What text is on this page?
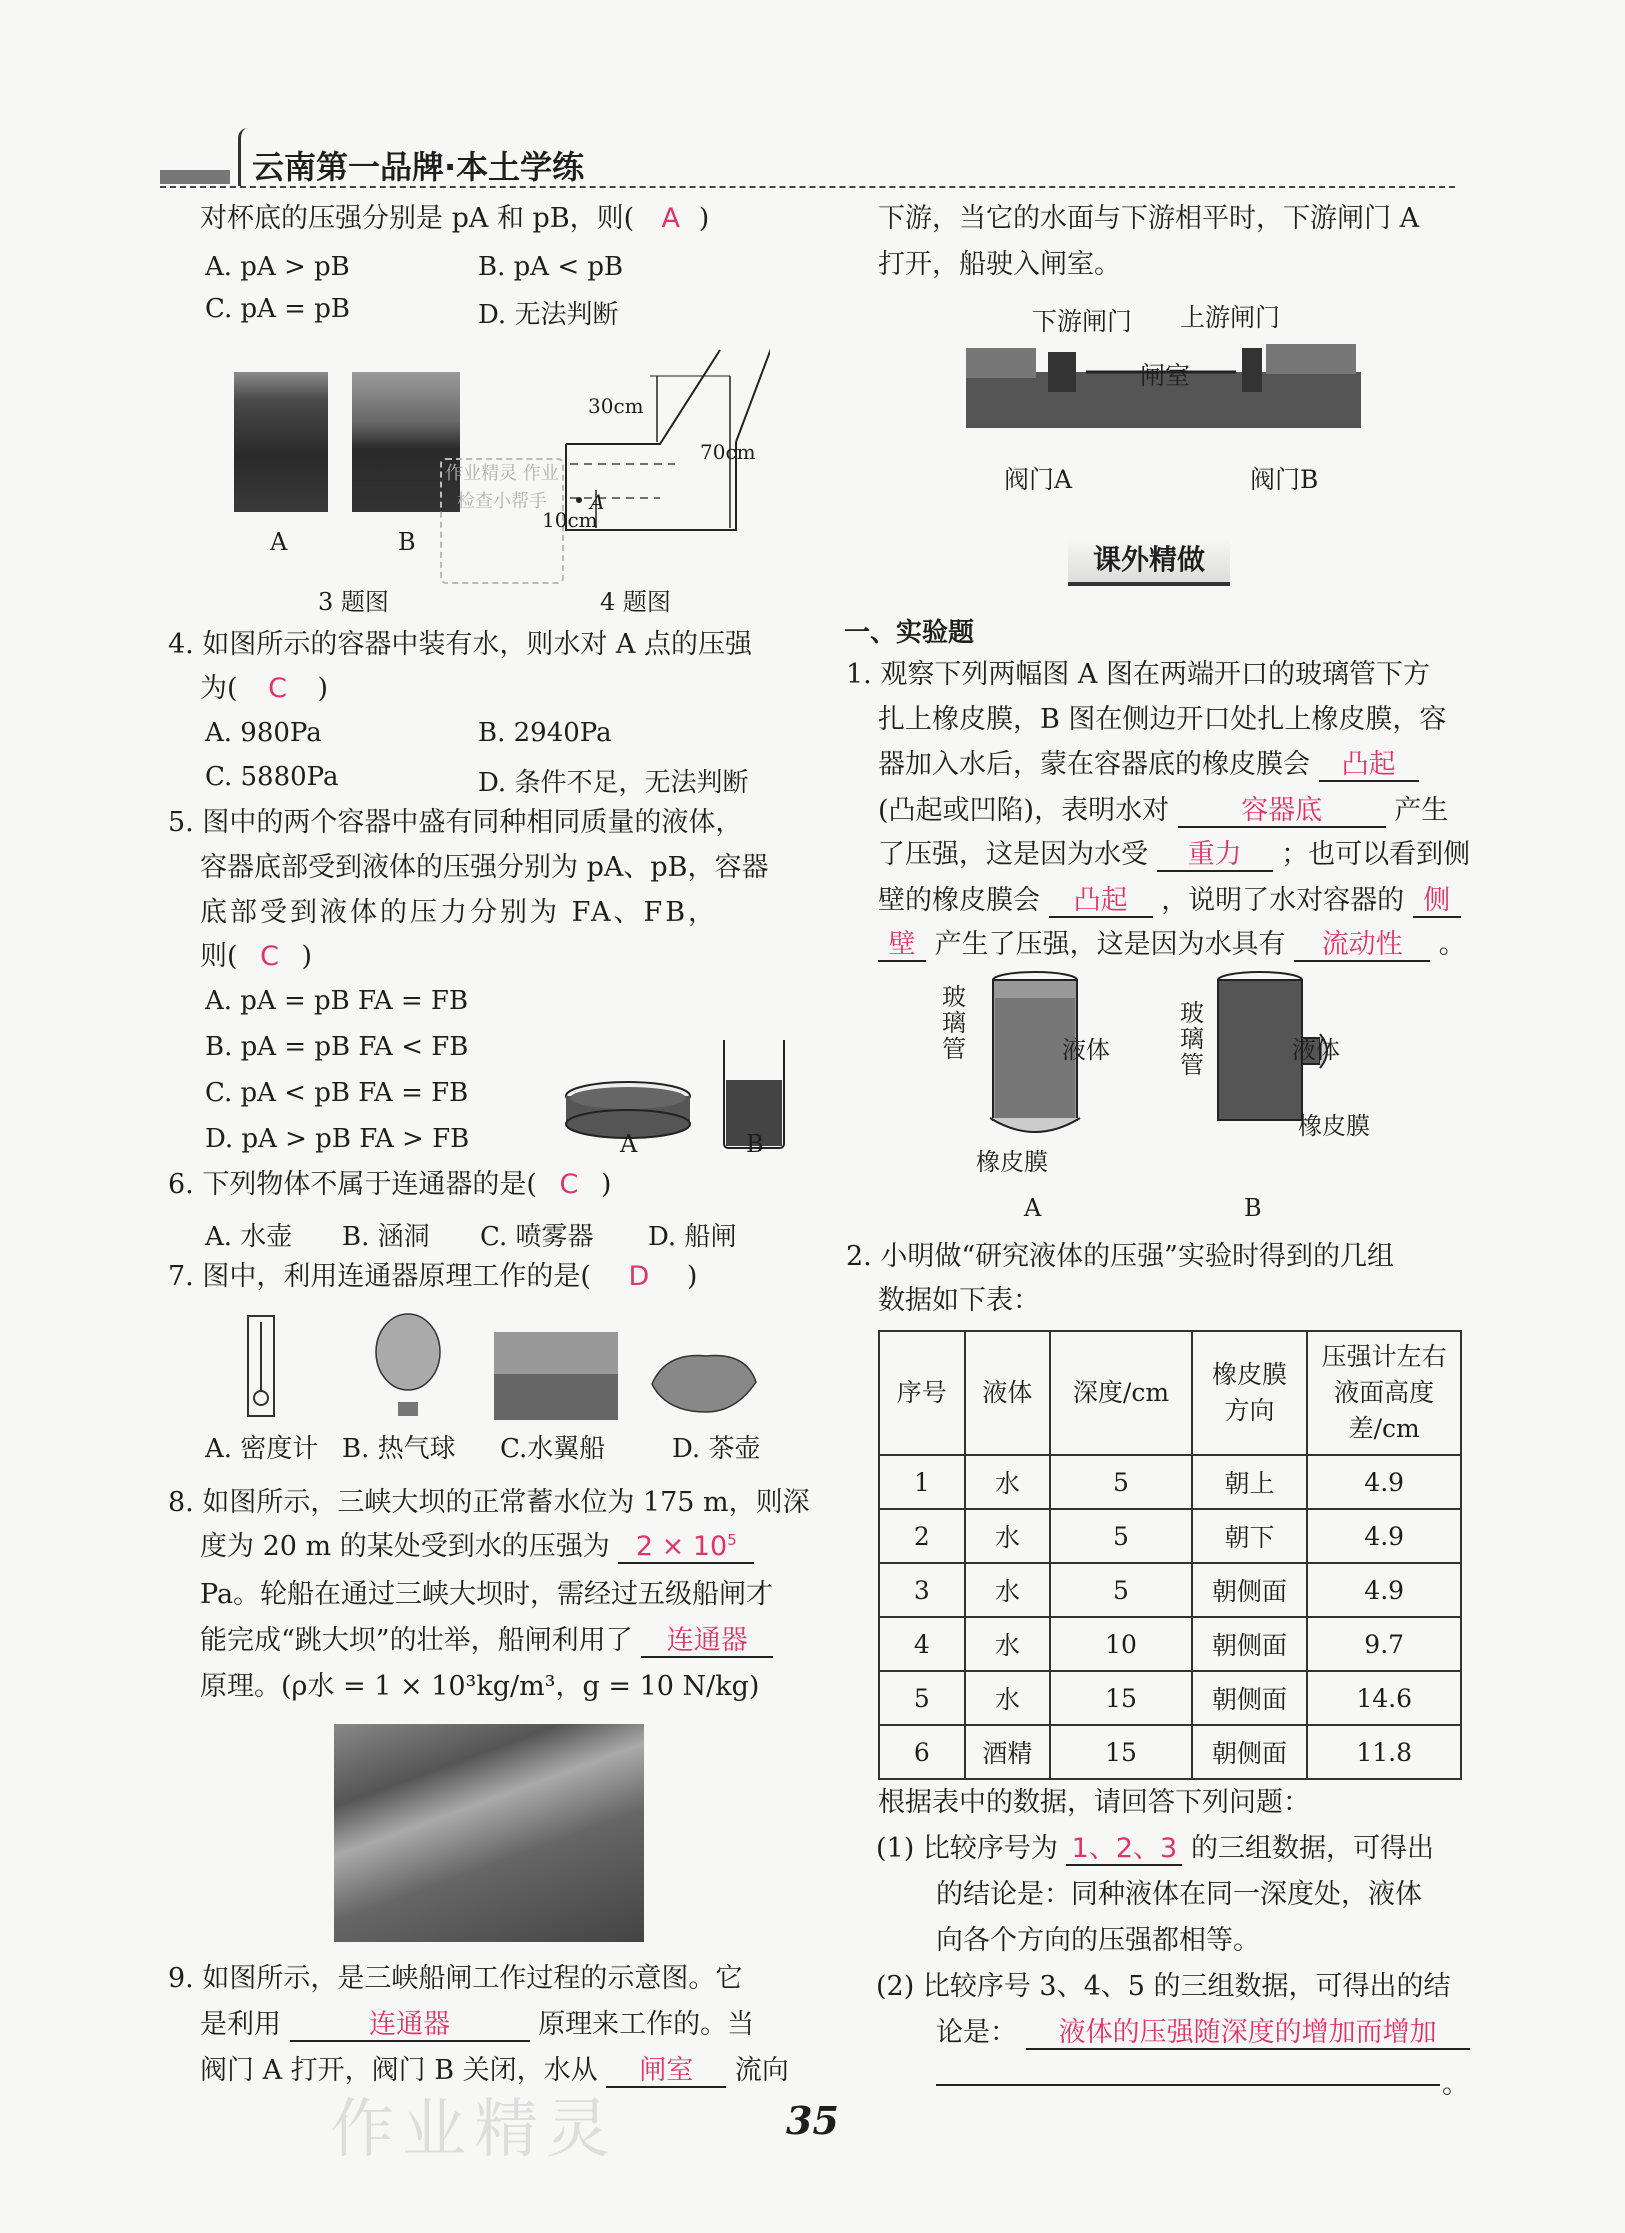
云南第一品牌·本土学练
对杯底的压强分别是 pA 和 pB，则( A )
A. pA > pB	B. pA < pB
C. pA = pB	D. 无法判断
A	B
3 题图
作业精灵 作业检查小帮手
30cm
70cm
10cm
A
4 题图
4. 如图所示的容器中装有水，则水对 A 点的压强
为( C )
A. 980Pa	B. 2940Pa
C. 5880Pa	D. 条件不足，无法判断
5. 图中的两个容器中盛有同种相同质量的液体，
容器底部受到液体的压强分别为 pA、pB，容器
底部受到液体的压力分别为 FA、FB，
则( C )
A. pA = pB FA = FB
B. pA = pB FA < FB
C. pA < pB FA = FB
D. pA > pB FA > FB	A	B
6. 下列物体不属于连通器的是( C )
A. 水壶 B. 涵洞 C. 喷雾器 D. 船闸
7. 图中，利用连通器原理工作的是( D )
A. 密度计 B. 热气球 C.水翼船	D. 茶壶
8. 如图所示，三峡大坝的正常蓄水位为 175 m，则深
度为 20 m 的某处受到水的压强为 $2 \times 10^5$
Pa。轮船在通过三峡大坝时，需经过五级船闸才
能完成“跳大坝”的壮举，船闸利用了 连通器
原理。(ρ水 = 1 × 10³kg/m³，g = 10 N/kg)
9. 如图所示，是三峡船闸工作过程的示意图。它
是利用	连通器	原理来工作的。当
阀门 A 打开，阀门 B 关闭，水从 闸室 流向
下游，当它的水面与下游相平时，下游闸门 A
打开，船驶入闸室。
下游闸门 上游闸门
闸室
阀门A	阀门B
课外精做
一、实验题
1. 观察下列两幅图 A 图在两端开口的玻璃管下方
扎上橡皮膜，B 图在侧边开口处扎上橡皮膜，容
器加入水后，蒙在容器底的橡皮膜会 凸起
(凸起或凹陷)，表明水对	容器底	产生
了压强，这是因为水受 重力 ；也可以看到侧
壁的橡皮膜会 凸起 ，说明了水对容器的 侧
壁 产生了压强，这是因为水具有 流动性 。
玻璃管	液体
橡皮膜
A
玻璃管
液体
橡皮膜
B
2. 小明做“研究液体的压强”实验时得到的几组
数据如下表：
序号	液体	深度/cm	橡皮膜方向	压强计左右液面高度差/cm
1	水	5	朝上	4.9
2	水	5	朝下	4.9
3	水	5	朝侧面	4.9
4	水	10	朝侧面	9.7
5	水	15	朝侧面	14.6
6	酒精	15	朝侧面	11.8
根据表中的数据，请回答下列问题：
(1) 比较序号为 1、2、3 的三组数据，可得出
的结论是：同种液体在同一深度处，液体
向各个方向的压强都相等。
(2) 比较序号 3、4、5 的三组数据，可得出的结
论是： 液体的压强随深度的增加而增加
。
作业精灵	35
